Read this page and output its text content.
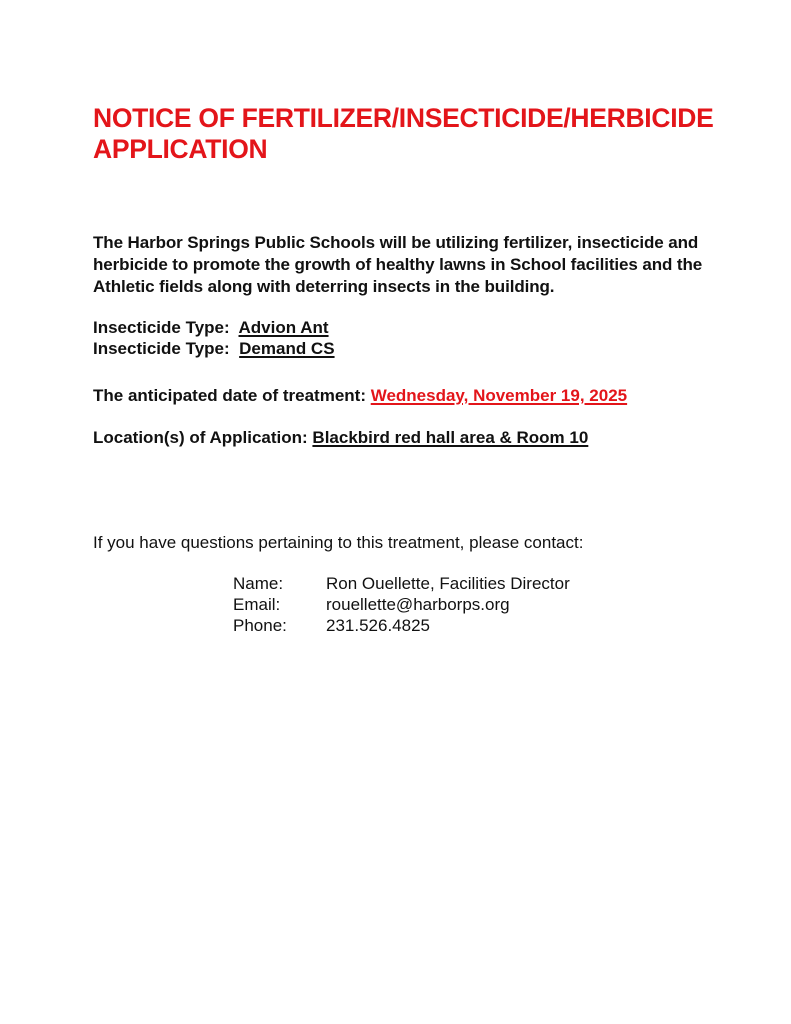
NOTICE OF FERTILIZER/INSECTICIDE/HERBICIDE APPLICATION
The Harbor Springs Public Schools will be utilizing fertilizer, insecticide and herbicide to promote the growth of healthy lawns in School facilities and the Athletic fields along with deterring insects in the building.
Insecticide Type: Advion Ant
Insecticide Type: Demand CS
The anticipated date of treatment: Wednesday, November 19, 2025
Location(s) of Application: Blackbird red hall area & Room 10
If you have questions pertaining to this treatment, please contact:
Name:	Ron Ouellette, Facilities Director
Email:	rouellette@harborps.org
Phone: 231.526.4825
